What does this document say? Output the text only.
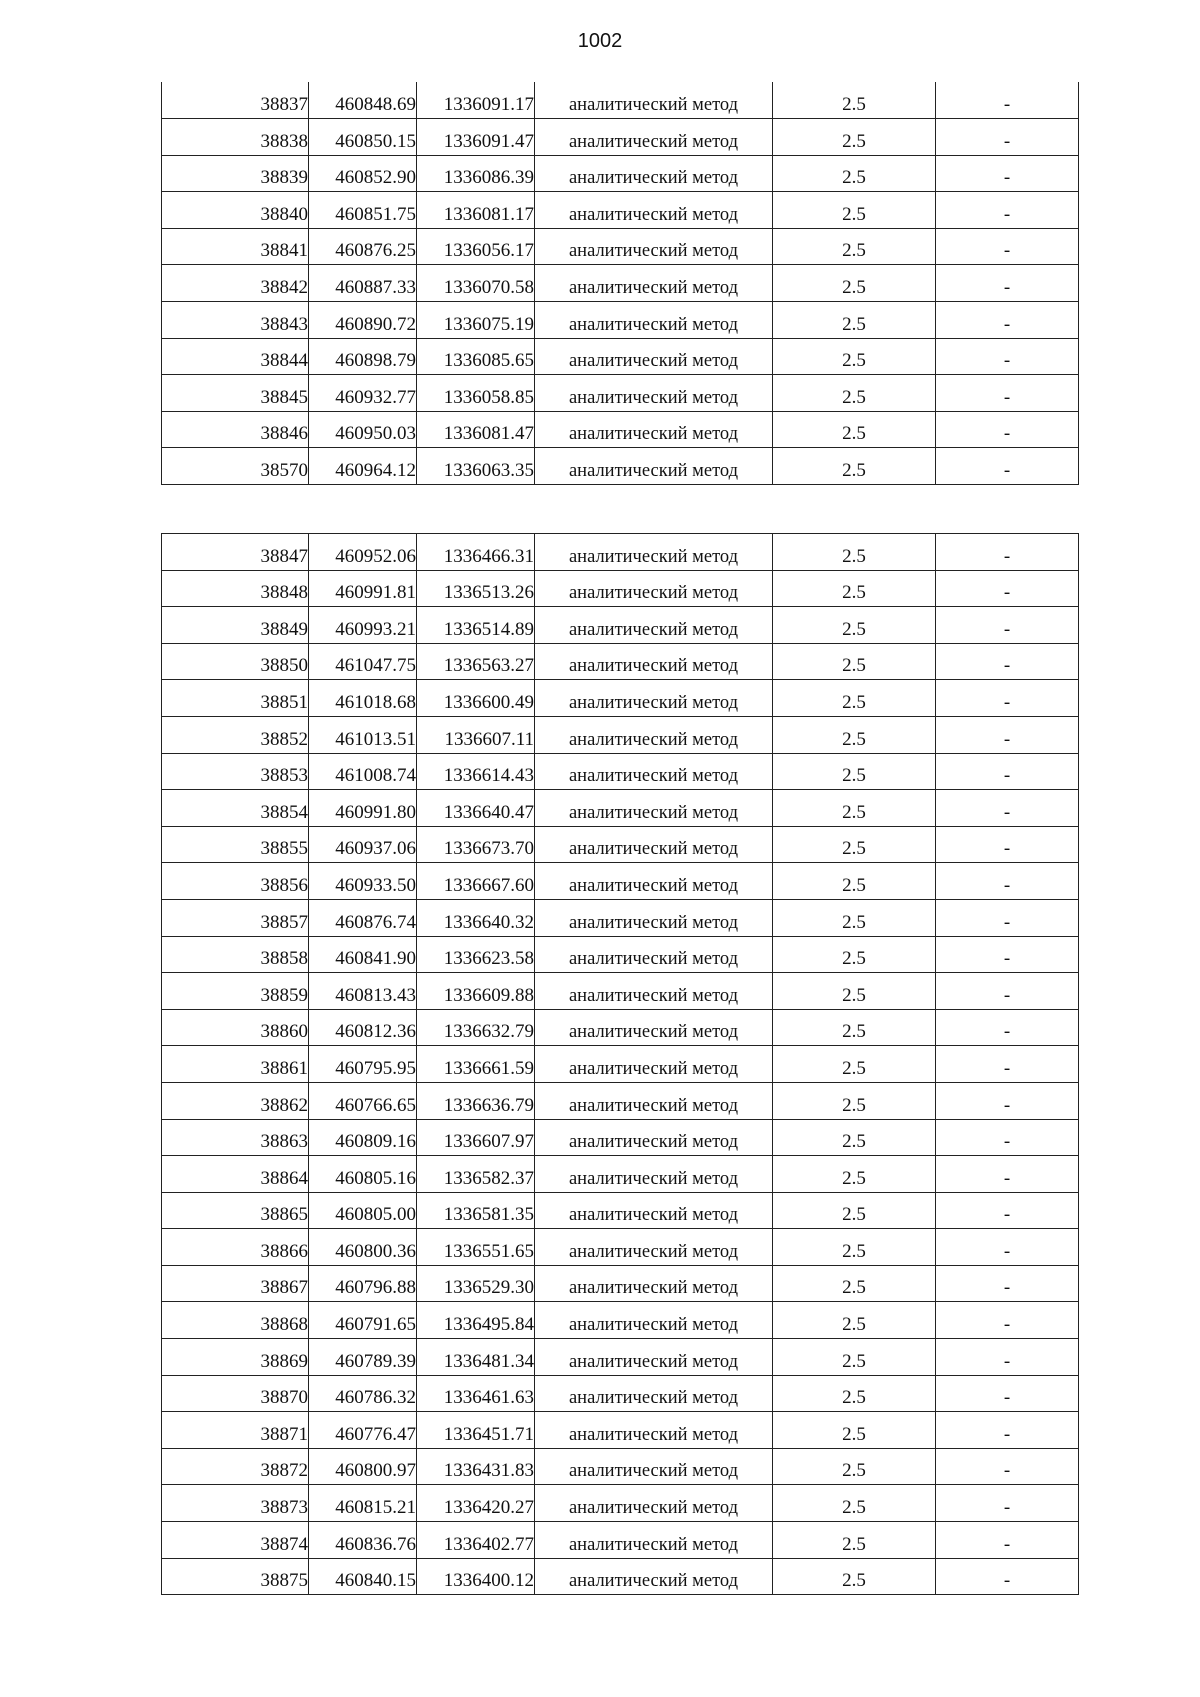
1002
38837	460848.69	1336091.17	аналитический метод	2.5	-
38838	460850.15	1336091.47	аналитический метод	2.5	-
38839	460852.90	1336086.39	аналитический метод	2.5	-
38840	460851.75	1336081.17	аналитический метод	2.5	-
38841	460876.25	1336056.17	аналитический метод	2.5	-
38842	460887.33	1336070.58	аналитический метод	2.5	-
38843	460890.72	1336075.19	аналитический метод	2.5	-
38844	460898.79	1336085.65	аналитический метод	2.5	-
38845	460932.77	1336058.85	аналитический метод	2.5	-
38846	460950.03	1336081.47	аналитический метод	2.5	-
38570	460964.12	1336063.35	аналитический метод	2.5	-
38847	460952.06	1336466.31	аналитический метод	2.5	-
38848	460991.81	1336513.26	аналитический метод	2.5	-
38849	460993.21	1336514.89	аналитический метод	2.5	-
38850	461047.75	1336563.27	аналитический метод	2.5	-
38851	461018.68	1336600.49	аналитический метод	2.5	-
38852	461013.51	1336607.11	аналитический метод	2.5	-
38853	461008.74	1336614.43	аналитический метод	2.5	-
38854	460991.80	1336640.47	аналитический метод	2.5	-
38855	460937.06	1336673.70	аналитический метод	2.5	-
38856	460933.50	1336667.60	аналитический метод	2.5	-
38857	460876.74	1336640.32	аналитический метод	2.5	-
38858	460841.90	1336623.58	аналитический метод	2.5	-
38859	460813.43	1336609.88	аналитический метод	2.5	-
38860	460812.36	1336632.79	аналитический метод	2.5	-
38861	460795.95	1336661.59	аналитический метод	2.5	-
38862	460766.65	1336636.79	аналитический метод	2.5	-
38863	460809.16	1336607.97	аналитический метод	2.5	-
38864	460805.16	1336582.37	аналитический метод	2.5	-
38865	460805.00	1336581.35	аналитический метод	2.5	-
38866	460800.36	1336551.65	аналитический метод	2.5	-
38867	460796.88	1336529.30	аналитический метод	2.5	-
38868	460791.65	1336495.84	аналитический метод	2.5	-
38869	460789.39	1336481.34	аналитический метод	2.5	-
38870	460786.32	1336461.63	аналитический метод	2.5	-
38871	460776.47	1336451.71	аналитический метод	2.5	-
38872	460800.97	1336431.83	аналитический метод	2.5	-
38873	460815.21	1336420.27	аналитический метод	2.5	-
38874	460836.76	1336402.77	аналитический метод	2.5	-
38875	460840.15	1336400.12	аналитический метод	2.5	-
